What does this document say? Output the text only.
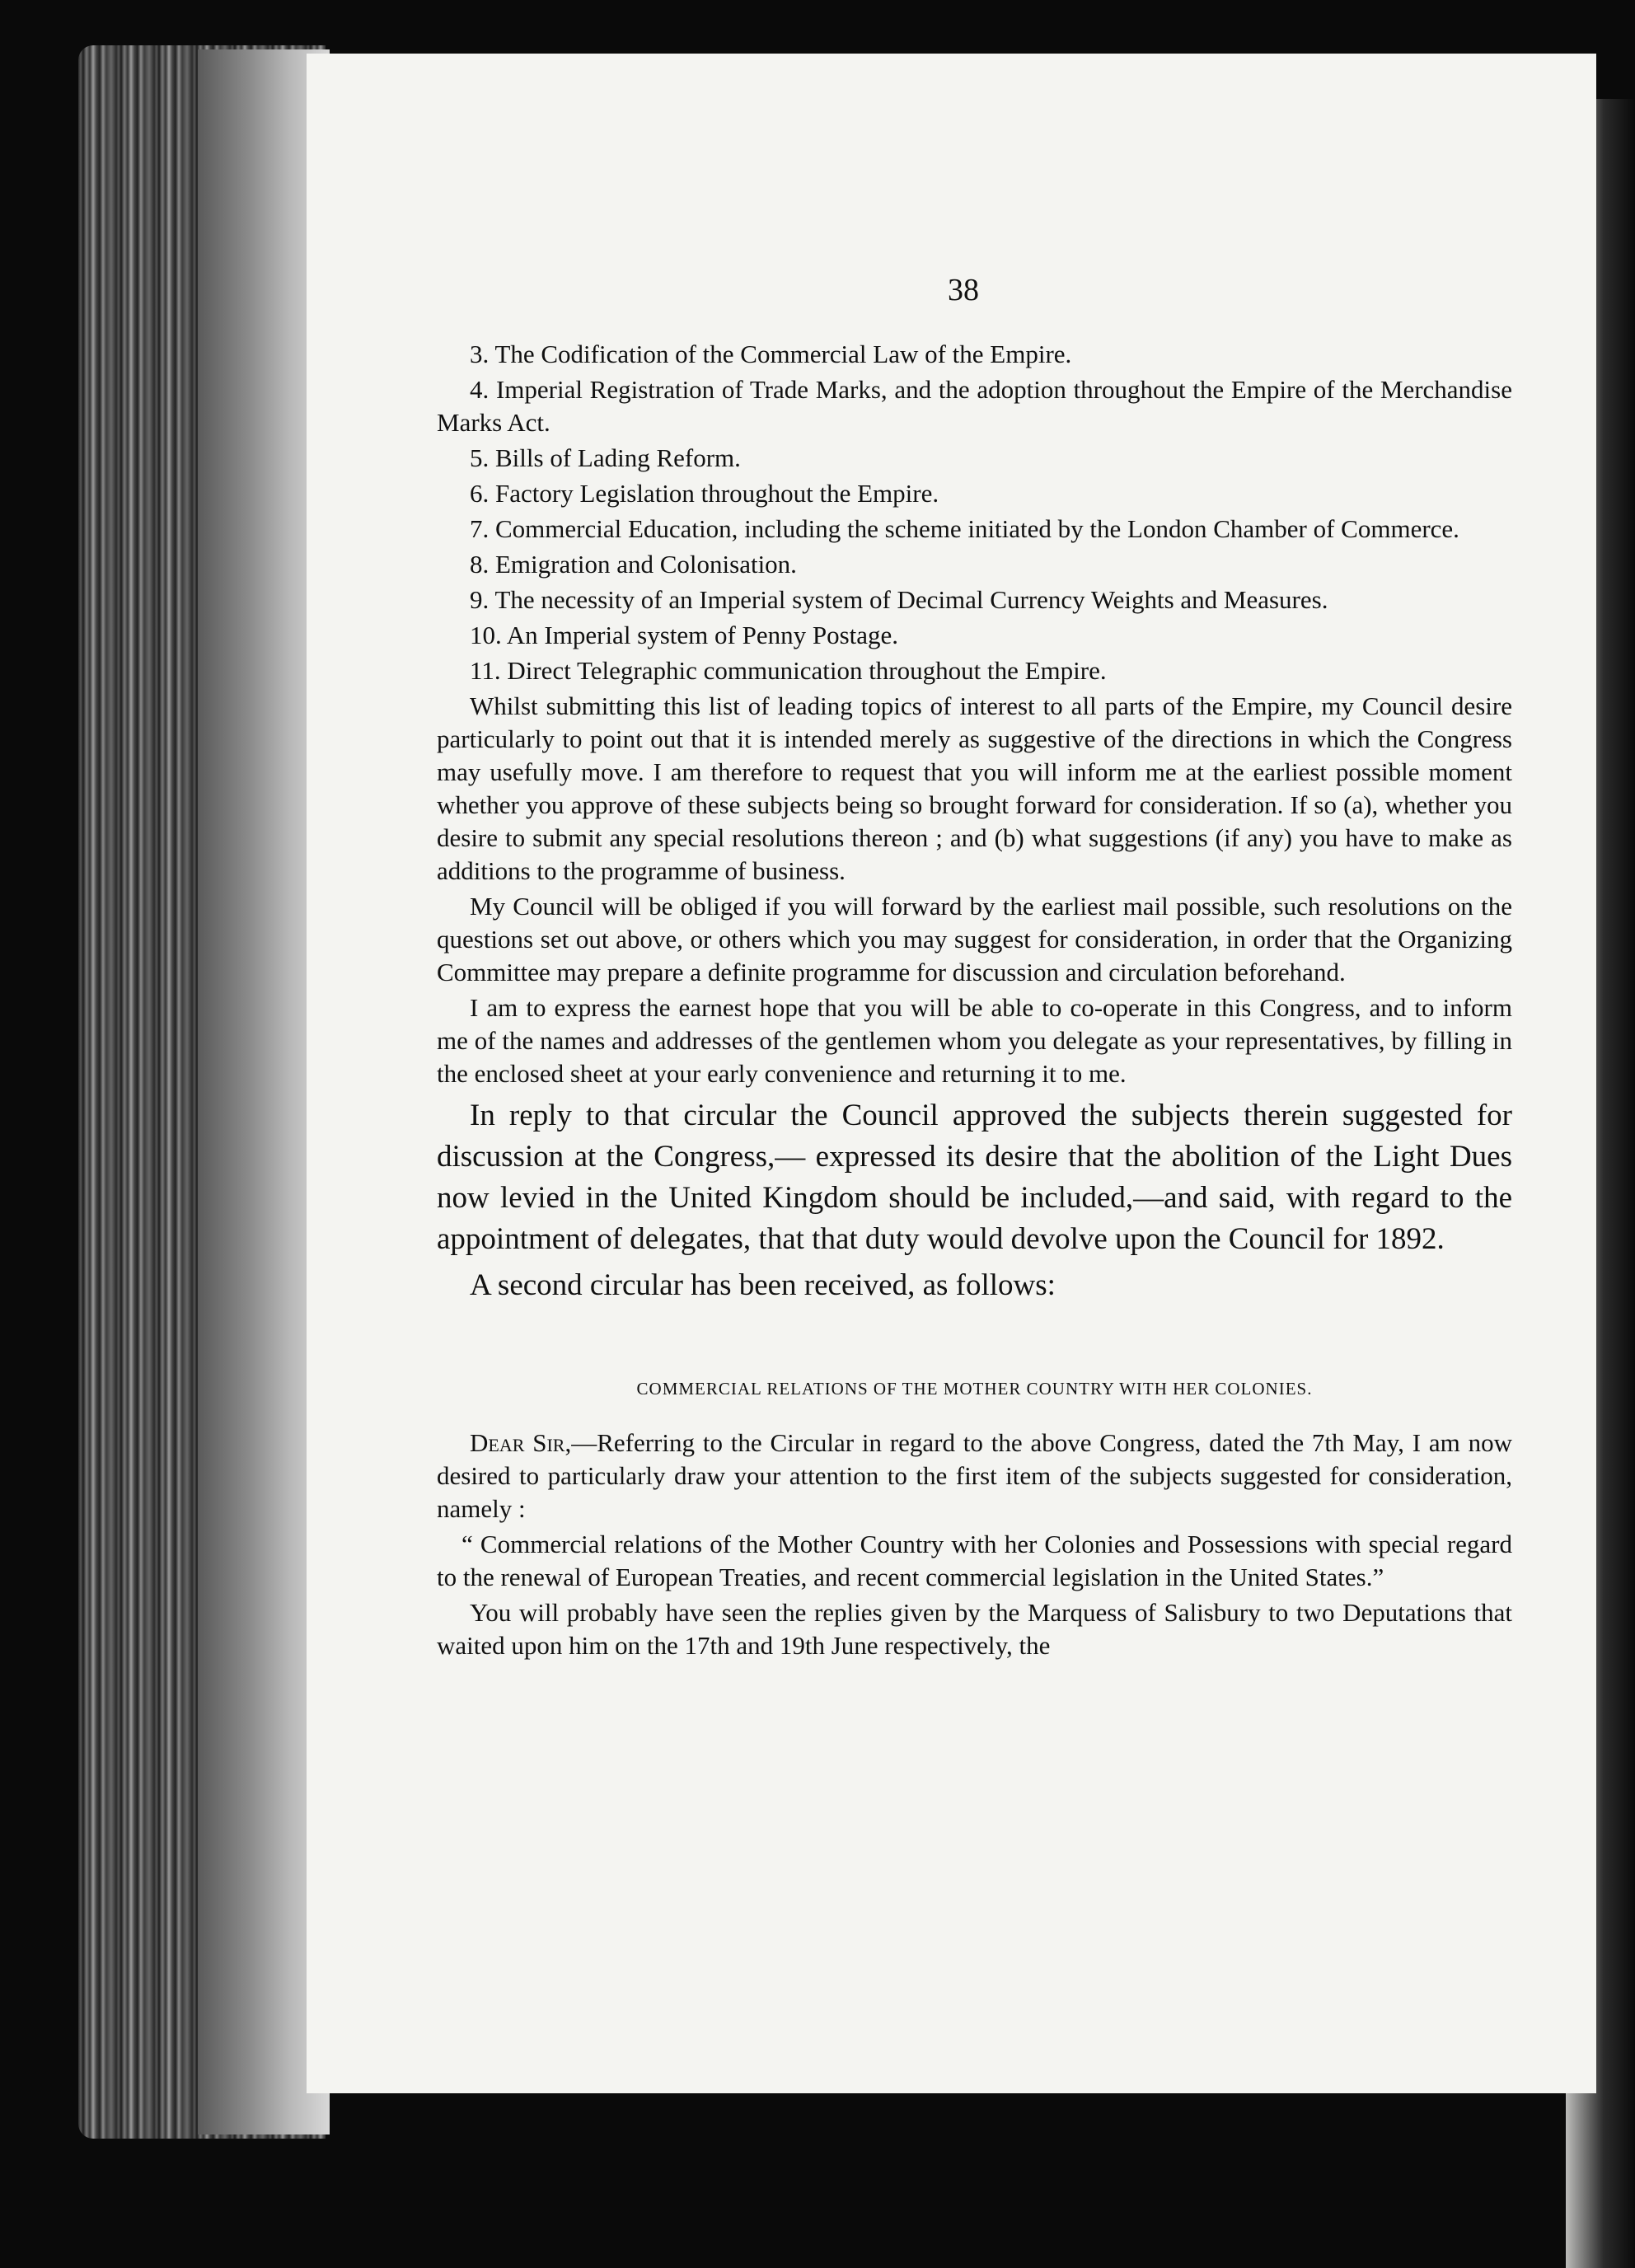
38
3. The Codification of the Commercial Law of the Empire.
4. Imperial Registration of Trade Marks, and the adoption throughout the Empire of the Merchandise Marks Act.
5. Bills of Lading Reform.
6. Factory Legislation throughout the Empire.
7. Commercial Education, including the scheme initiated by the London Chamber of Commerce.
8. Emigration and Colonisation.
9. The necessity of an Imperial system of Decimal Currency Weights and Measures.
10. An Imperial system of Penny Postage.
11. Direct Telegraphic communication throughout the Empire.

Whilst submitting this list of leading topics of interest to all parts of the Empire, my Council desire particularly to point out that it is intended merely as suggestive of the directions in which the Congress may usefully move. I am therefore to request that you will inform me at the earliest possible moment whether you approve of these subjects being so brought forward for consideration. If so (a), whether you desire to submit any special resolutions thereon ; and (b) what suggestions (if any) you have to make as additions to the programme of business.

My Council will be obliged if you will forward by the earliest mail possible, such resolutions on the questions set out above, or others which you may suggest for consideration, in order that the Organizing Committee may prepare a definite programme for discussion and circulation beforehand.

I am to express the earnest hope that you will be able to co-operate in this Congress, and to inform me of the names and addresses of the gentlemen whom you delegate as your representatives, by filling in the enclosed sheet at your early convenience and returning it to me.

In reply to that circular the Council approved the subjects therein suggested for discussion at the Congress,— expressed its desire that the abolition of the Light Dues now levied in the United Kingdom should be included,—and said, with regard to the appointment of delegates, that that duty would devolve upon the Council for 1892.

A second circular has been received, as follows:

COMMERCIAL RELATIONS OF THE MOTHER COUNTRY WITH HER COLONIES.

Dear Sir,—Referring to the Circular in regard to the above Congress, dated the 7th May, I am now desired to particularly draw your attention to the first item of the subjects suggested for consideration, namely :

“ Commercial relations of the Mother Country with her Colonies and Possessions with special regard to the renewal of European Treaties, and recent commercial legislation in the United States.”

You will probably have seen the replies given by the Marquess of Salisbury to two Deputations that waited upon him on the 17th and 19th June respectively, the
